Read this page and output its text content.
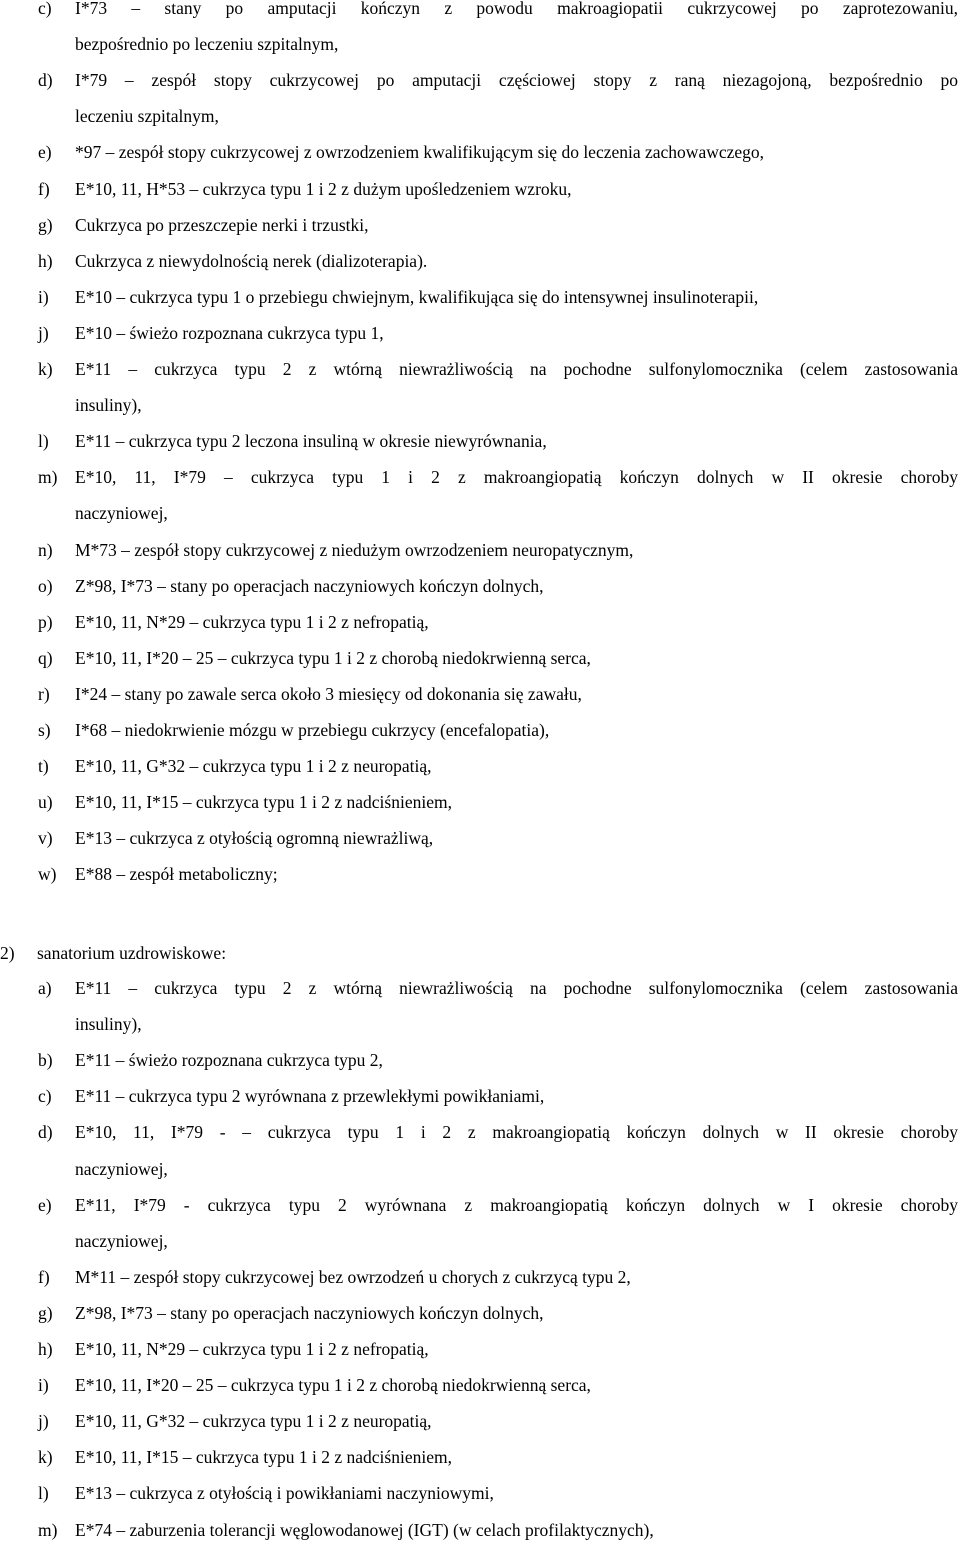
c) I*73 – stany po amputacji kończyn z powodu makroagiopatii cukrzycowej po zaprotezowaniu,
bezpośrednio po leczeniu szpitalnym,
d) I*79 – zespół stopy cukrzycowej po amputacji częściowej stopy z raną niezagojoną, bezpośrednio po
leczeniu szpitalnym,
e) *97 – zespół stopy cukrzycowej z owrzodzeniem kwalifikującym się do leczenia zachowawczego,
f) E*10, 11, H*53 – cukrzyca typu 1 i 2 z dużym upośledzeniem wzroku,
g) Cukrzyca po przeszczepie nerki i trzustki,
h) Cukrzyca z niewydolnością nerek (dializoterapia).
i) E*10 – cukrzyca typu 1 o przebiegu chwiejnym, kwalifikująca się do intensywnej insulinoterapii,
j) E*10 – świeżo rozpoznana cukrzyca typu 1,
k) E*11 – cukrzyca typu 2 z wtórną niewrażliwością na pochodne sulfonylomocznika (celem zastosowania
insuliny),
l) E*11 – cukrzyca typu 2 leczona insuliną w okresie niewyrównania,
m) E*10, 11, I*79 – cukrzyca typu 1 i 2 z makroangiopatią kończyn dolnych w II okresie choroby
naczyniowej,
n) M*73 – zespół stopy cukrzycowej z niedużym owrzodzeniem neuropatycznym,
o) Z*98, I*73 – stany po operacjach naczyniowych kończyn dolnych,
p) E*10, 11, N*29 – cukrzyca typu 1 i 2 z nefropatią,
q) E*10, 11, I*20 – 25 – cukrzyca typu 1 i 2 z chorobą niedokrwienną serca,
r) I*24 – stany po zawale serca około 3 miesięcy od dokonania się zawału,
s) I*68 – niedokrwienie mózgu w przebiegu cukrzycy (encefalopatia),
t) E*10, 11, G*32 – cukrzyca typu 1 i 2 z neuropatią,
u) E*10, 11, I*15 – cukrzyca typu 1 i 2 z nadciśnieniem,
v) E*13 – cukrzyca z otyłością ogromną niewrażliwą,
w) E*88 – zespół metaboliczny;
2) sanatorium uzdrowiskowe:
a) E*11 – cukrzyca typu 2 z wtórną niewrażliwością na pochodne sulfonylomocznika (celem zastosowania
insuliny),
b) E*11 – świeżo rozpoznana cukrzyca typu 2,
c) E*11 – cukrzyca typu 2 wyrównana z przewlekłymi powikłaniami,
d) E*10, 11, I*79 - – cukrzyca typu 1 i 2 z makroangiopatią kończyn dolnych w II okresie choroby
naczyniowej,
e) E*11, I*79 - cukrzyca typu 2 wyrównana z makroangiopatią kończyn dolnych w I okresie choroby
naczyniowej,
f) M*11 – zespół stopy cukrzycowej bez owrzodzeń u chorych z cukrzycą typu 2,
g) Z*98, I*73 – stany po operacjach naczyniowych kończyn dolnych,
h) E*10, 11, N*29 – cukrzyca typu 1 i 2 z nefropatią,
i) E*10, 11, I*20 – 25 – cukrzyca typu 1 i 2 z chorobą niedokrwienną serca,
j) E*10, 11, G*32 – cukrzyca typu 1 i 2 z neuropatią,
k) E*10, 11, I*15 – cukrzyca typu 1 i 2 z nadciśnieniem,
l) E*13 – cukrzyca z otyłością i powikłaniami naczyniowymi,
m) E*74 – zaburzenia tolerancji węglowodanowej (IGT) (w celach profilaktycznych),
